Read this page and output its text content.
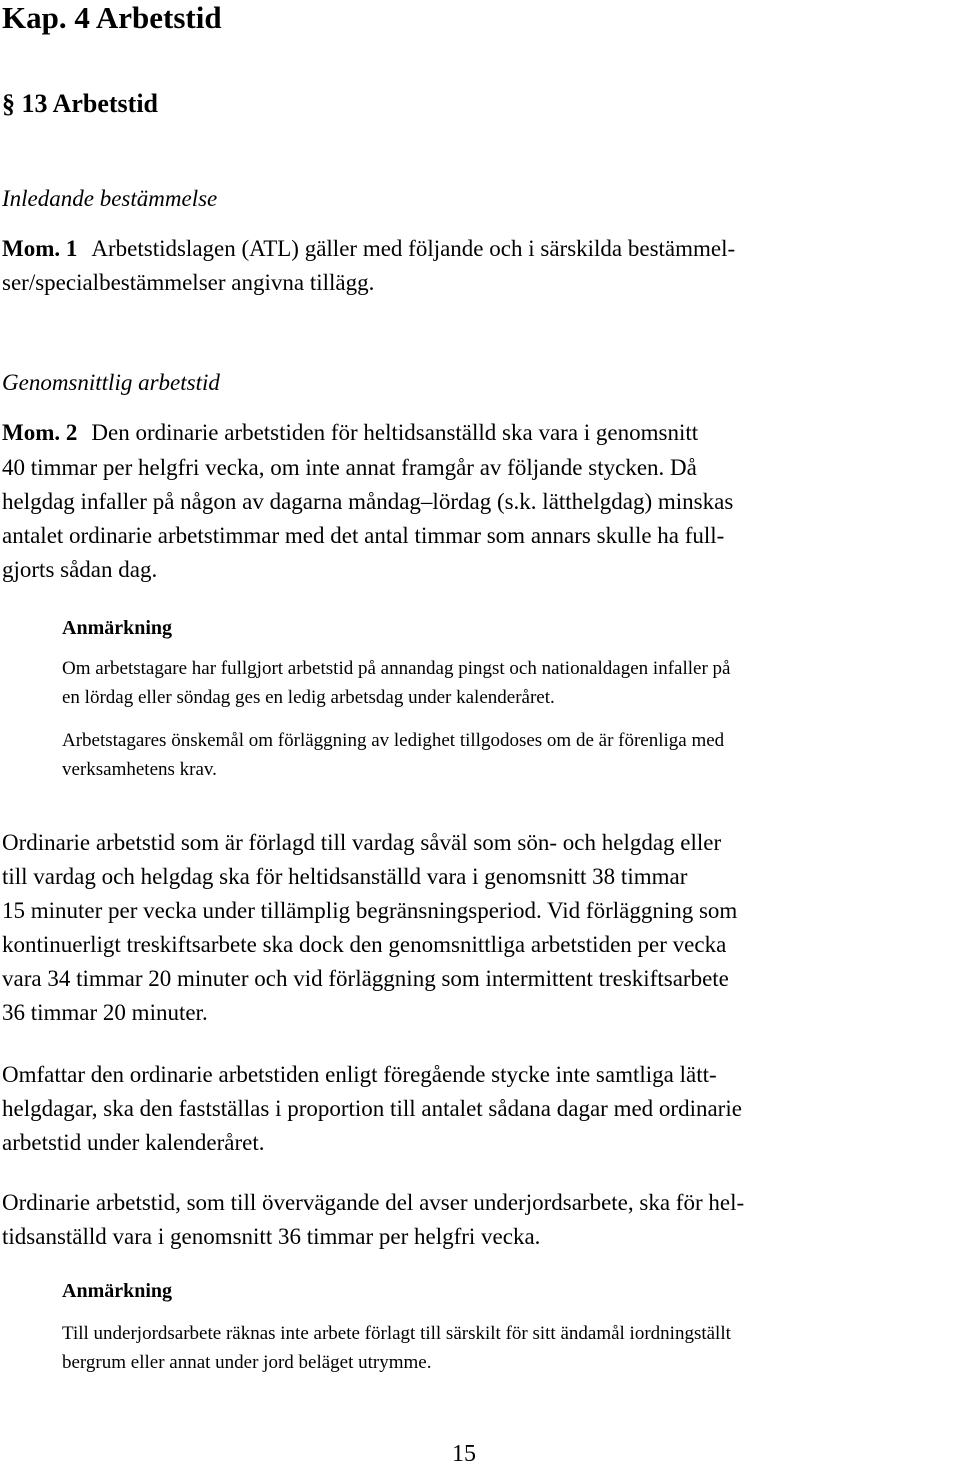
Kap. 4 Arbetstid
§ 13 Arbetstid
Inledande bestämmelse
Mom. 1 Arbetstidslagen (ATL) gäller med följande och i särskilda bestämmel-
ser/specialbestämmelser angivna tillägg.
Genomsnittlig arbetstid
Mom. 2 Den ordinarie arbetstiden för heltidsanställd ska vara i genomsnitt
40 timmar per helgfri vecka, om inte annat framgår av följande stycken. Då
helgdag infaller på någon av dagarna måndag–lördag (s.k. lätthelgdag) minskas
antalet ordinarie arbetstimmar med det antal timmar som annars skulle ha full-
gjorts sådan dag.
Anmärkning
Om arbetstagare har fullgjort arbetstid på annandag pingst och nationaldagen infaller på
en lördag eller söndag ges en ledig arbetsdag under kalenderåret.
Arbetstagares önskemål om förläggning av ledighet tillgodoses om de är förenliga med
verksamhetens krav.
Ordinarie arbetstid som är förlagd till vardag såväl som sön- och helgdag eller
till vardag och helgdag ska för heltidsanställd vara i genomsnitt 38 timmar
15 minuter per vecka under tillämplig begränsningsperiod. Vid förläggning som
kontinuerligt treskiftsarbete ska dock den genomsnittliga arbetstiden per vecka
vara 34 timmar 20 minuter och vid förläggning som intermittent treskiftsarbete
36 timmar 20 minuter.
Omfattar den ordinarie arbetstiden enligt föregående stycke inte samtliga lätt-
helgdagar, ska den fastställas i proportion till antalet sådana dagar med ordinarie
arbetstid under kalenderåret.
Ordinarie arbetstid, som till övervägande del avser underjordsarbete, ska för hel-
tidsanställd vara i genomsnitt 36 timmar per helgfri vecka.
Anmärkning
Till underjordsarbete räknas inte arbete förlagt till särskilt för sitt ändamål iordningställt
bergrum eller annat under jord beläget utrymme.
15
